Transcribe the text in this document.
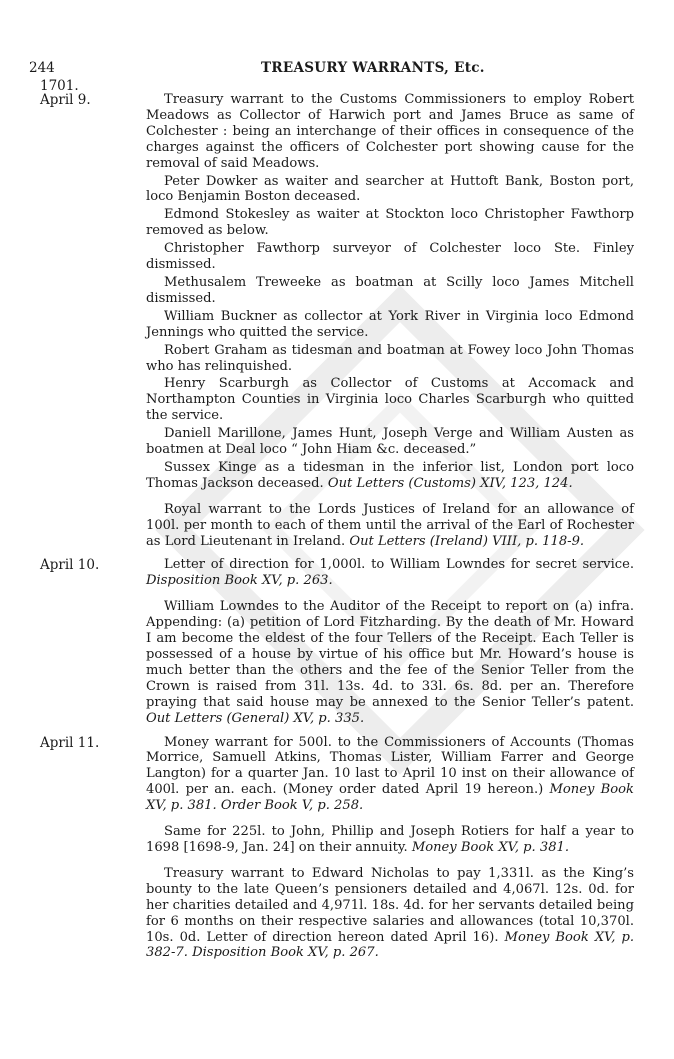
244	TREASURY WARRANTS, Etc.
1701.
April 9.	Treasury warrant to the Customs Commissioners to employ Robert Meadows as Collector of Harwich port and James Bruce as same of Colchester : being an interchange of their offices in consequence of the charges against the officers of Colchester port showing cause for the removal of said Meadows.

Peter Dowker as waiter and searcher at Huttoft Bank, Boston port, loco Benjamin Boston deceased.

Edmond Stokesley as waiter at Stockton loco Christopher Fawthorp removed as below.

Christopher Fawthorp surveyor of Colchester loco Ste. Finley dismissed.

Methusalem Treweeke as boatman at Scilly loco James Mitchell dismissed.

William Buckner as collector at York River in Virginia loco Edmond Jennings who quitted the service.

Robert Graham as tidesman and boatman at Fowey loco John Thomas who has relinquished.

Henry Scarburgh as Collector of Customs at Accomack and Northampton Counties in Virginia loco Charles Scarburgh who quitted the service.

Daniell Marillone, James Hunt, Joseph Verge and William Austen as boatmen at Deal loco “ John Hiam &c. deceased.”

Sussex Kinge as a tidesman in the inferior list, London port loco Thomas Jackson deceased. Out Letters (Customs) XIV, 123, 124.

Royal warrant to the Lords Justices of Ireland for an allowance of 100l. per month to each of them until the arrival of the Earl of Rochester as Lord Lieutenant in Ireland. Out Letters (Ireland) VIII, p. 118-9.

April 10.	Letter of direction for 1,000l. to William Lowndes for secret service. Disposition Book XV, p. 263.

William Lowndes to the Auditor of the Receipt to report on (a) infra. Appending: (a) petition of Lord Fitzharding. By the death of Mr. Howard I am become the eldest of the four Tellers of the Receipt. Each Teller is possessed of a house by virtue of his office but Mr. Howard’s house is much better than the others and the fee of the Senior Teller from the Crown is raised from 31l. 13s. 4d. to 33l. 6s. 8d. per an. Therefore praying that said house may be annexed to the Senior Teller’s patent. Out Letters (General) XV, p. 335.

April 11.	Money warrant for 500l. to the Commissioners of Accounts (Thomas Morrice, Samuell Atkins, Thomas Lister, William Farrer and George Langton) for a quarter Jan. 10 last to April 10 inst on their allowance of 400l. per an. each. (Money order dated April 19 hereon.) Money Book XV, p. 381. Order Book V, p. 258.

Same for 225l. to John, Phillip and Joseph Rotiers for half a year to 1698 [1698-9, Jan. 24] on their annuity. Money Book XV, p. 381.

Treasury warrant to Edward Nicholas to pay 1,331l. as the King’s bounty to the late Queen’s pensioners detailed and 4,067l. 12s. 0d. for her charities detailed and 4,971l. 18s. 4d. for her servants detailed being for 6 months on their respective salaries and allowances (total 10,370l. 10s. 0d. Letter of direction hereon dated April 16). Money Book XV, p. 382-7. Disposition Book XV, p. 267.
